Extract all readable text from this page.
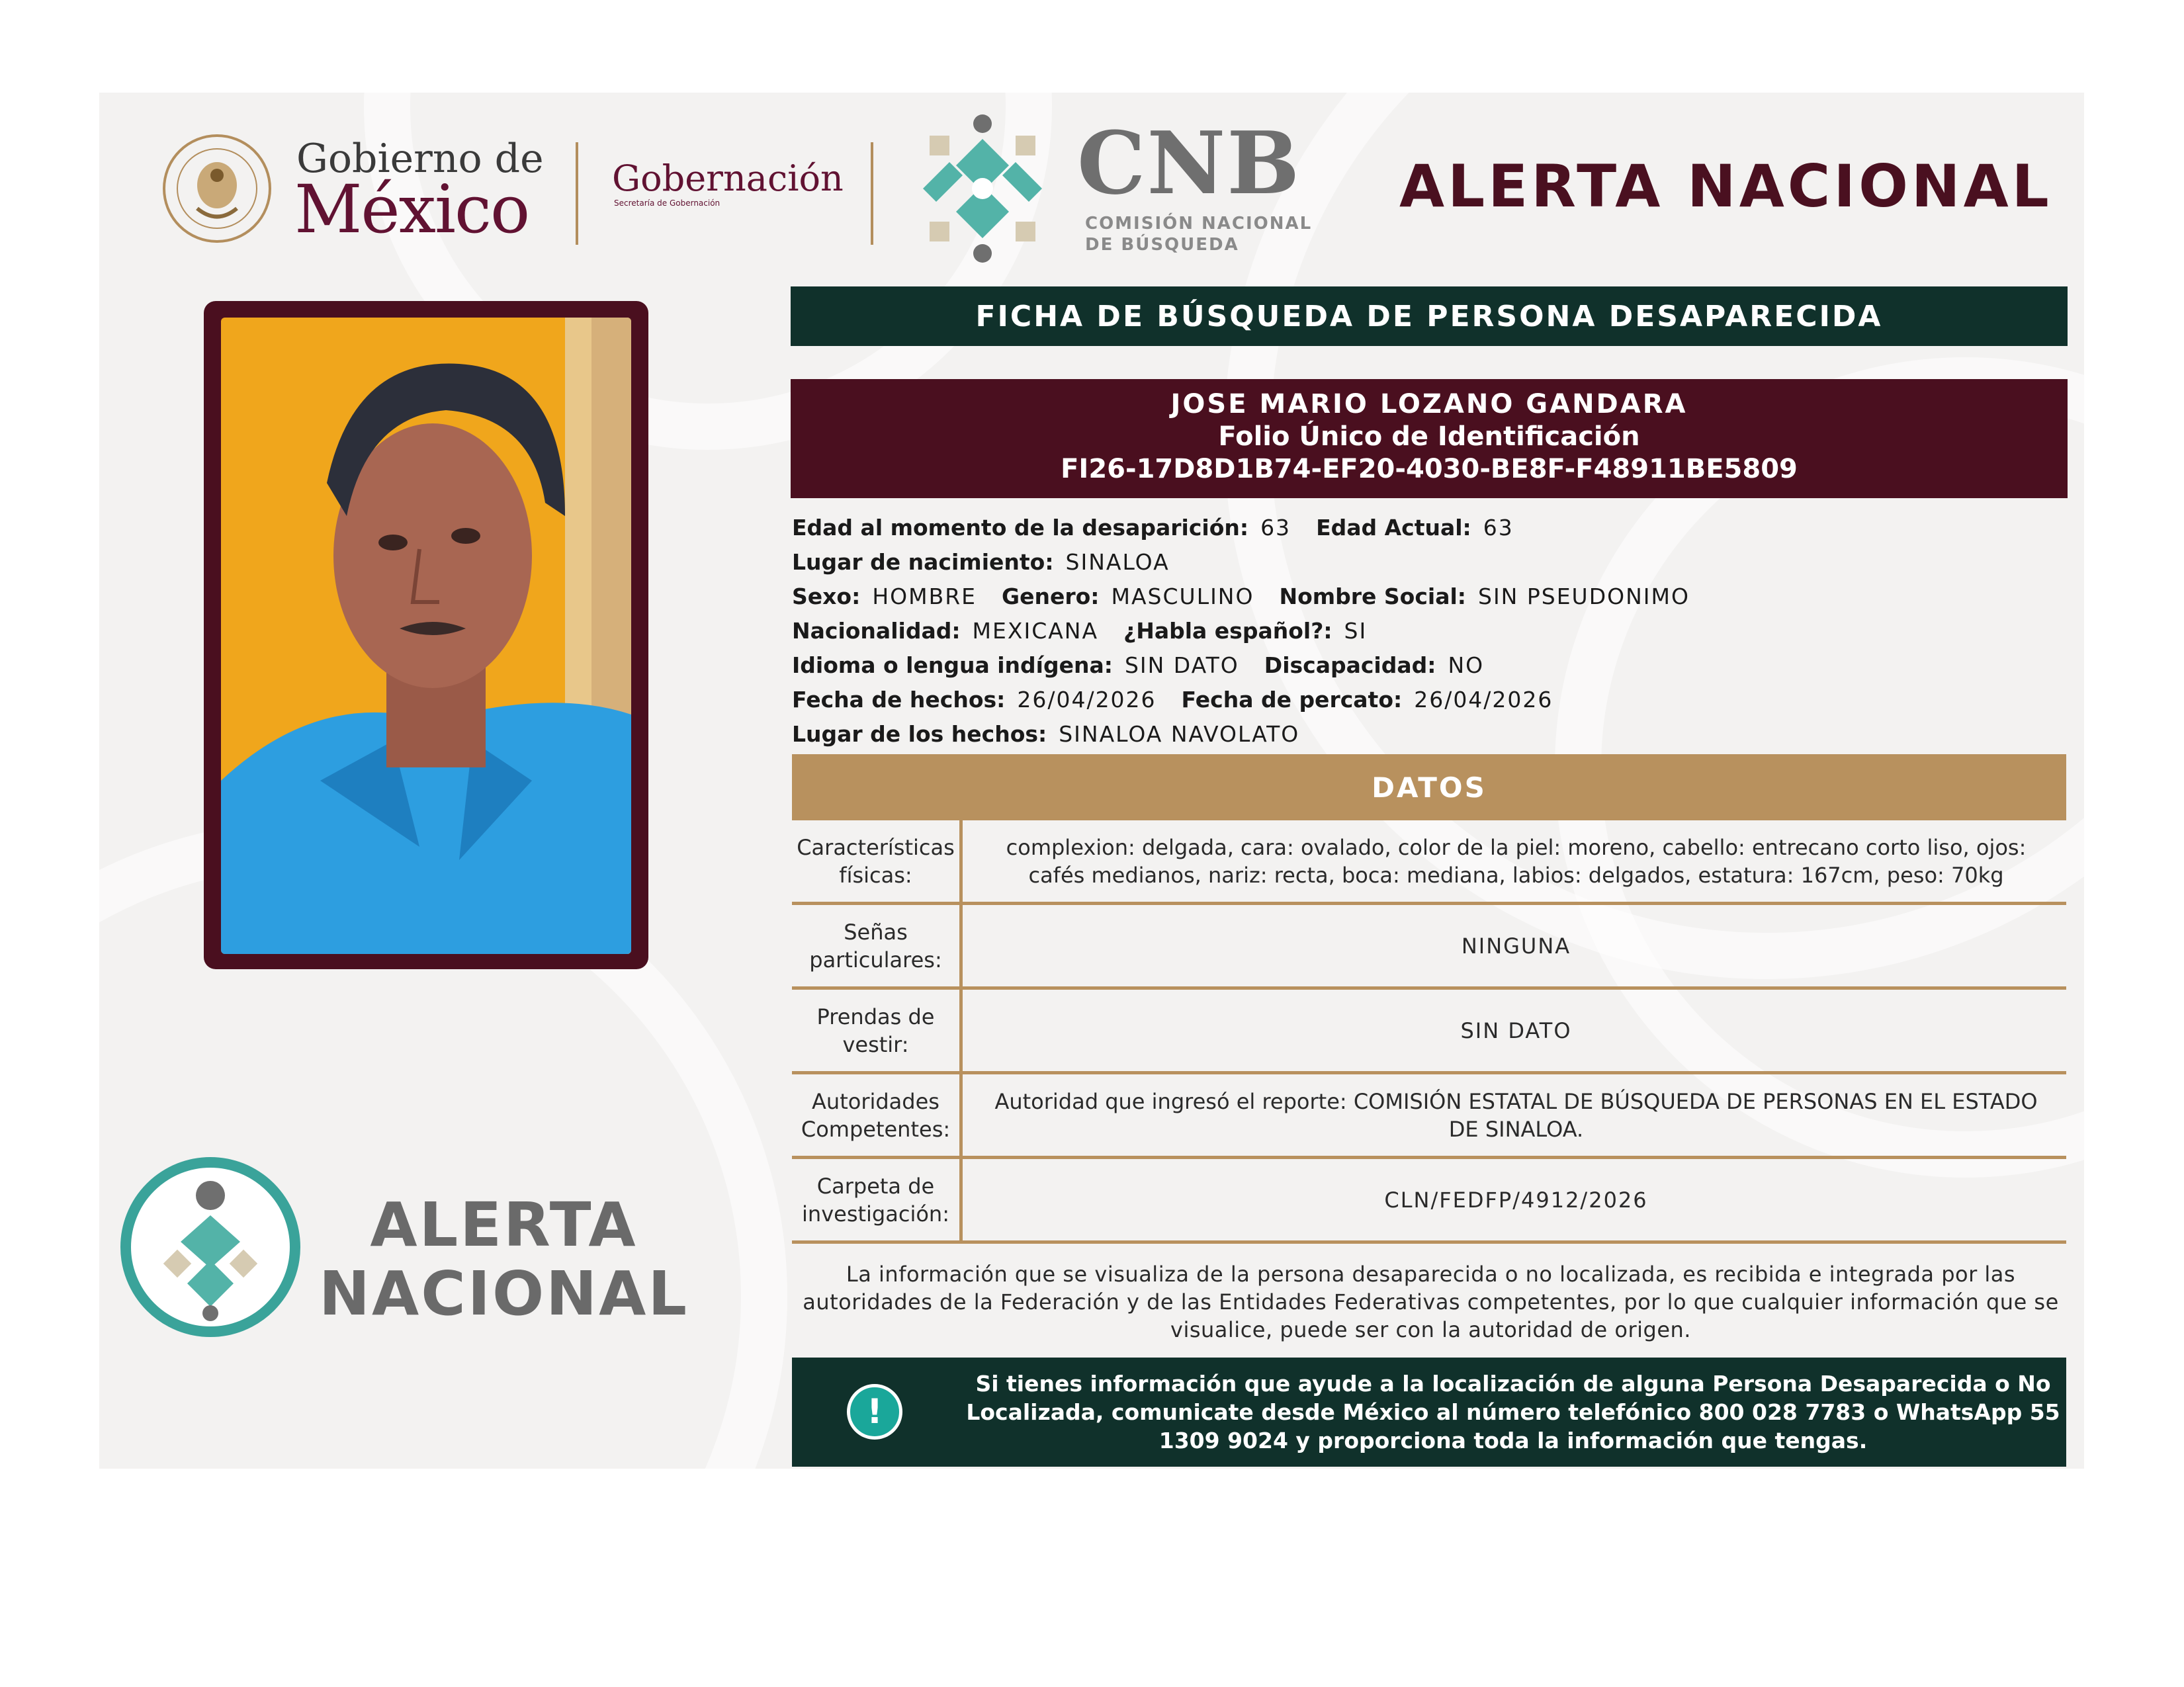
Gobierno de
México Gobernación
Secretaría de Gobernación	CNB
COMISIÓN NACIONAL
DE BÚSQUEDA
ALERTA NACIONAL
FICHA DE BÚSQUEDA DE PERSONA DESAPARECIDA
JOSE MARIO LOZANO GANDARA
Folio Único de Identificación
FI26-17D8D1B74-EF20-4030-BE8F-F48911BE5809
Edad al momento de la desaparición: 63 Edad Actual: 63
Lugar de nacimiento: SINALOA
Sexo: HOMBRE Genero: MASCULINO Nombre Social: SIN PSEUDONIMO
Nacionalidad: MEXICANA ¿Habla español?: SI
Idioma o lengua indígena: SIN DATO Discapacidad: NO
Fecha de hechos: 26/04/2026 Fecha de percato: 26/04/2026
Lugar de los hechos: SINALOA NAVOLATO
DATOS
Características
físicas:
complexion: delgada, cara: ovalado, color de la piel: moreno, cabello: entrecano corto liso, ojos: cafés medianos, nariz: recta, boca: mediana, labios: delgados, estatura: 167cm, peso: 70kg
Señas
particulares:
NINGUNA
Prendas de
vestir:
SIN DATO
Autoridades
Competentes:
Autoridad que ingresó el reporte: COMISIÓN ESTATAL DE BÚSQUEDA DE PERSONAS EN EL ESTADO DE SINALOA.
Carpeta de
investigación:
CLN/FEDFP/4912/2026
La información que se visualiza de la persona desaparecida o no localizada, es recibida e integrada por las autoridades de la Federación y de las Entidades Federativas competentes, por lo que cualquier información que se visualice, puede ser con la autoridad de origen.
!
Si tienes información que ayude a la localización de alguna Persona Desaparecida o No Localizada, comunicate desde México al número telefónico 800 028 7783 o WhatsApp 55 1309 9024 y proporciona toda la información que tengas.
ALERTA
NACIONAL
